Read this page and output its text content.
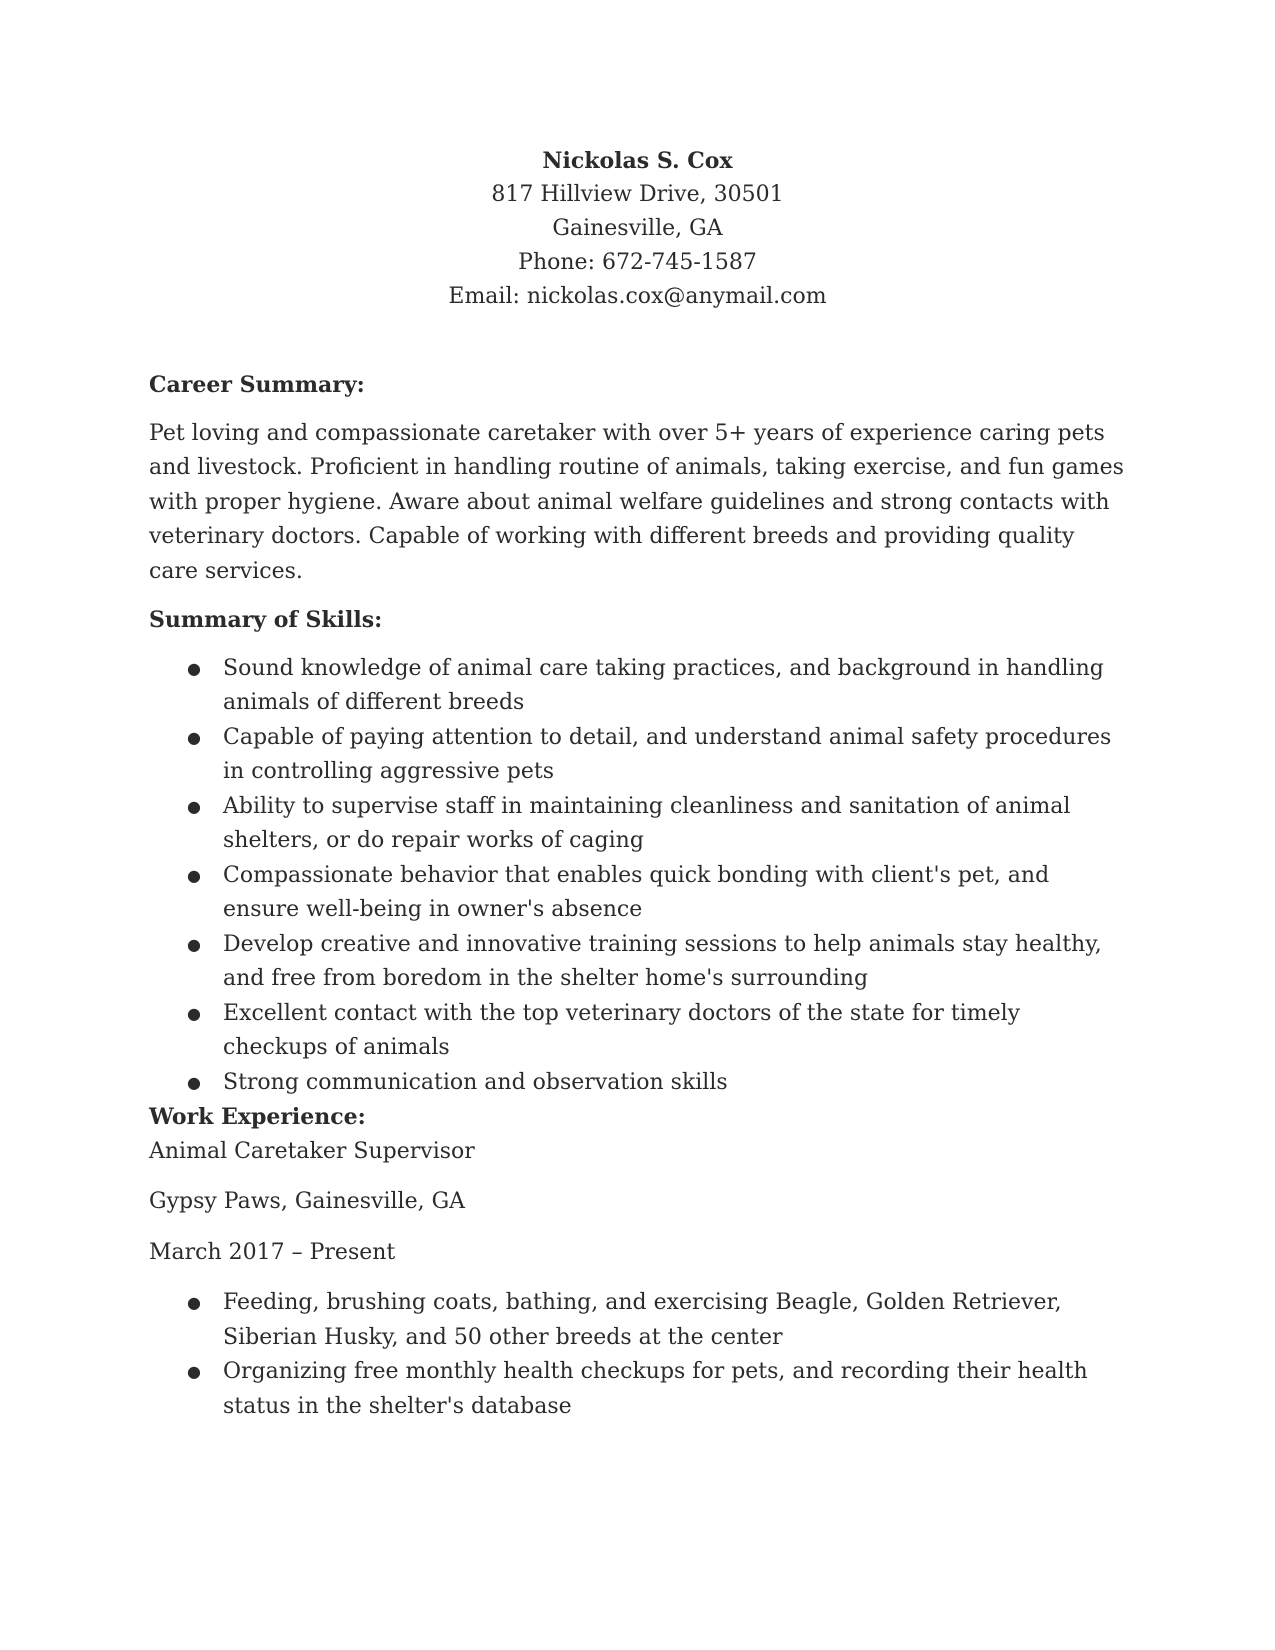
Nickolas S. Cox
817 Hillview Drive, 30501
Gainesville, GA
Phone: 672-745-1587
Email: nickolas.cox@anymail.com

Career Summary:

Pet loving and compassionate caretaker with over 5+ years of experience caring pets and livestock. Proficient in handling routine of animals, taking exercise, and fun games with proper hygiene. Aware about animal welfare guidelines and strong contacts with veterinary doctors. Capable of working with different breeds and providing quality care services.

Summary of Skills:

● Sound knowledge of animal care taking practices, and background in handling animals of different breeds
● Capable of paying attention to detail, and understand animal safety procedures in controlling aggressive pets
● Ability to supervise staff in maintaining cleanliness and sanitation of animal shelters, or do repair works of caging
● Compassionate behavior that enables quick bonding with client's pet, and ensure well-being in owner's absence
● Develop creative and innovative training sessions to help animals stay healthy, and free from boredom in the shelter home's surrounding
● Excellent contact with the top veterinary doctors of the state for timely checkups of animals
● Strong communication and observation skills

Work Experience:

Animal Caretaker Supervisor

Gypsy Paws, Gainesville, GA

March 2017 – Present

● Feeding, brushing coats, bathing, and exercising Beagle, Golden Retriever, Siberian Husky, and 50 other breeds at the center
● Organizing free monthly health checkups for pets, and recording their health status in the shelter's database
